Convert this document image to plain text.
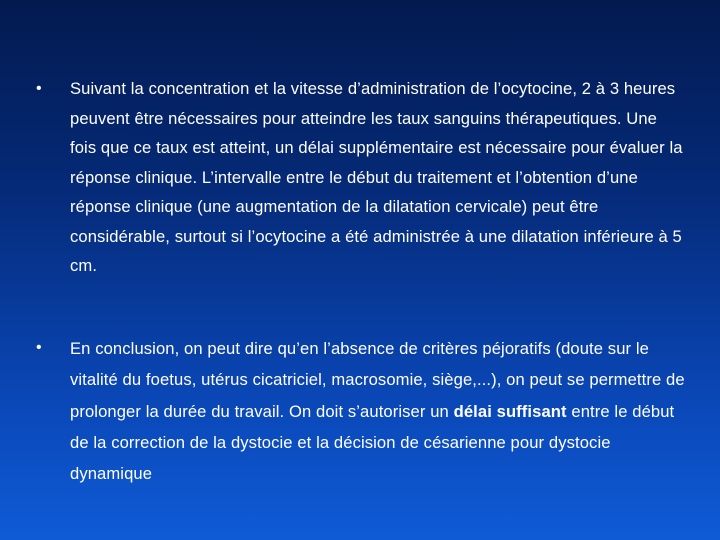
•	Suivant la concentration et la vitesse d’administration de l’ocytocine, 2 à 3 heures peuvent être nécessaires pour atteindre les taux sanguins thérapeutiques. Une fois que ce taux est atteint, un délai supplémentaire est nécessaire pour évaluer la réponse clinique. L’intervalle entre le début du traitement et l’obtention d’une réponse clinique (une augmentation de la dilatation cervicale) peut être considérable, surtout si l’ocytocine a été administrée à une dilatation inférieure à 5 cm.

•	En conclusion, on peut dire qu’en l’absence de critères péjoratifs (doute sur le vitalité du foetus, utérus cicatriciel, macrosomie, siège,...), on peut se permettre de prolonger la durée du travail. On doit s’autoriser un délai suffisant entre le début de la correction de la dystocie et la décision de césarienne pour dystocie dynamique
